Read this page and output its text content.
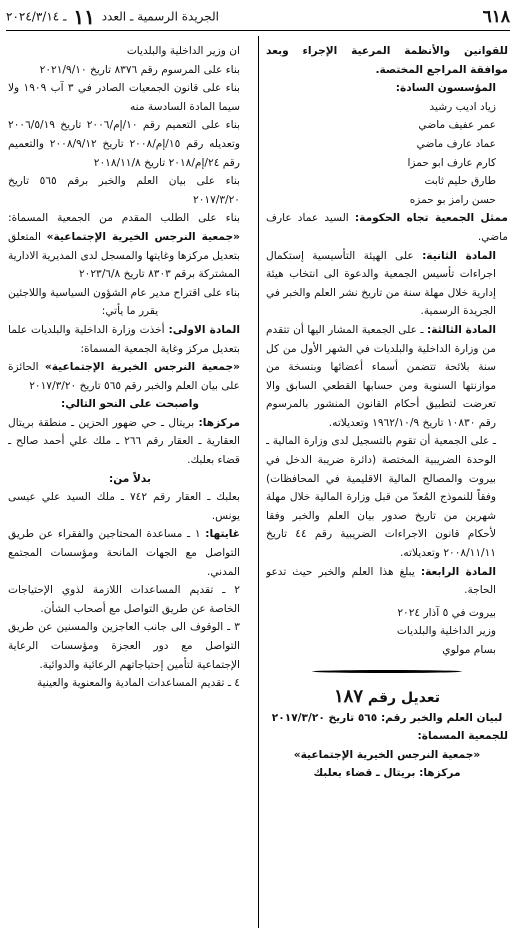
٦١٨
الجريدة الرسمية ـ العدد ١١ ـ ٢٠٢٤/٣/١٤

للقوانين والأنظمة المرعية الإجراء وبعد موافقة المراجع المختصة.

المؤسسون السادة:

زياد اديب رشيد

عمر عفيف ماضي

عماد عارف ماضي

كارم عارف ابو حمزا

طارق حليم ثابت

حسن رامز بو حمزه

ممثل الجمعية تجاه الحكومة: السيد عماد عارف ماضي.

المادة الثانية: على الهيئة التأسيسية إستكمال اجراءات تأسيس الجمعية والدعوة الى انتخاب هيئة إدارية خلال مهلة سنة من تاريخ نشر العلم والخبر في الجريدة الرسمية.

المادة الثالثة: ـ على الجمعية المشار اليها أن تتقدم من وزارة الداخلية والبلديات في الشهر الأول من كل سنة بلائحة تتضمن أسماء أعضائها وبنسخة من موازنتها السنوية ومن حسابها القطعي السابق والا تعرضت لتطبيق أحكام القانون المنشور بالمرسوم رقم ١٠٨٣٠ تاريخ ١٩٦٢/١٠/٩ وتعديلاته.

ـ على الجمعية أن تقوم بالتسجيل لدى وزارة المالية ـ الوحدة الضريبية المختصة (دائرة ضريبة الدخل في بيروت والمصالح المالية الاقليمية في المحافظات) وفقاً للنموذج المُعدّ من قبل وزارة المالية خلال مهلة شهرين من تاريخ صدور بيان العلم والخبر وفقا لأحكام قانون الاجراءات الضريبية رقم ٤٤ تاريخ ٢٠٠٨/١١/١١ وتعديلاته.

المادة الرابعة: يبلغ هذا العلم والخبر حيث تدعو الحاجة.

بيروت في ٥ آذار ٢٠٢٤

وزير الداخلية والبلديات

بسام مولوي

تعديل رقم ١٨٧

لبيان العلم والخبر رقم: ٥٦٥ تاريخ ٢٠١٧/٣/٢٠

للجمعية المسماة:

«جمعية النرجس الخيرية الإجتماعية»

مركزها: بريتال ـ قضاء بعلبك

ان وزير الداخلية والبلديات

بناء على المرسوم رقم ٨٣٧٦ تاريخ ٢٠٢١/٩/١٠

بناء على قانون الجمعيات الصادر في ٣ آب ١٩٠٩ ولا سيما المادة السادسة منه

بناء على التعميم رقم ١٠/إم/٢٠٠٦ تاريخ ٢٠٠٦/٥/١٩ وتعديله رقم ١٥/إم/٢٠٠٨ تاريخ ٢٠٠٨/٩/١٢ والتعميم رقم ٢٤/إم/٢٠١٨ تاريخ ٢٠١٨/١١/٨

بناء على بيان العلم والخبر برقم ٥٦٥ تاريخ ٢٠١٧/٣/٢٠

بناء على الطلب المقدم من الجمعية المسماة: «جمعية النرجس الخيرية الإجتماعية» المتعلق بتعديل مركزها وغايتها والمسجل لدى المديرية الادارية المشتركة برقم ٨٣٠٣ تاريخ ٢٠٢٣/٦/٨

بناء على اقتراح مدير عام الشؤون السياسية واللاجئين

يقرر ما يأتي:

المادة الاولى: أخذت وزارة الداخلية والبلديات علما بتعديل مركز وغاية الجمعية المسماة:

«جمعية النرجس الخيرية الإجتماعية» الحائزة على بيان العلم والخبر رقم ٥٦٥ تاريخ ٢٠١٧/٣/٢٠

واصبحت على النحو التالي:

مركزها: بريتال ـ حي ضهور الحزين ـ منطقة بريتال العقارية ـ العقار رقم ٢٦٦ ـ ملك علي أحمد صالح ـ قضاء بعلبك.

بدلاً من:

بعلبك ـ العقار رقم ٧٤٢ ـ ملك السيد علي عيسى يونس.

غايتها: ١ ـ مساعدة المحتاجين والفقراء عن طريق التواصل مع الجهات المانحة ومؤسسات المجتمع المدني.

٢ ـ تقديم المساعدات اللازمة لذوي الإحتياجات الخاصة عن طريق التواصل مع أصحاب الشأن.

٣ ـ الوقوف الى جانب العاجزين والمسنين عن طريق التواصل مع دور العجزة ومؤسسات الرعاية الإجتماعية لتأمين إحتياجاتهم الرعائية والدوائية.

٤ ـ تقديم المساعدات المادية والمعنوية والعينية
